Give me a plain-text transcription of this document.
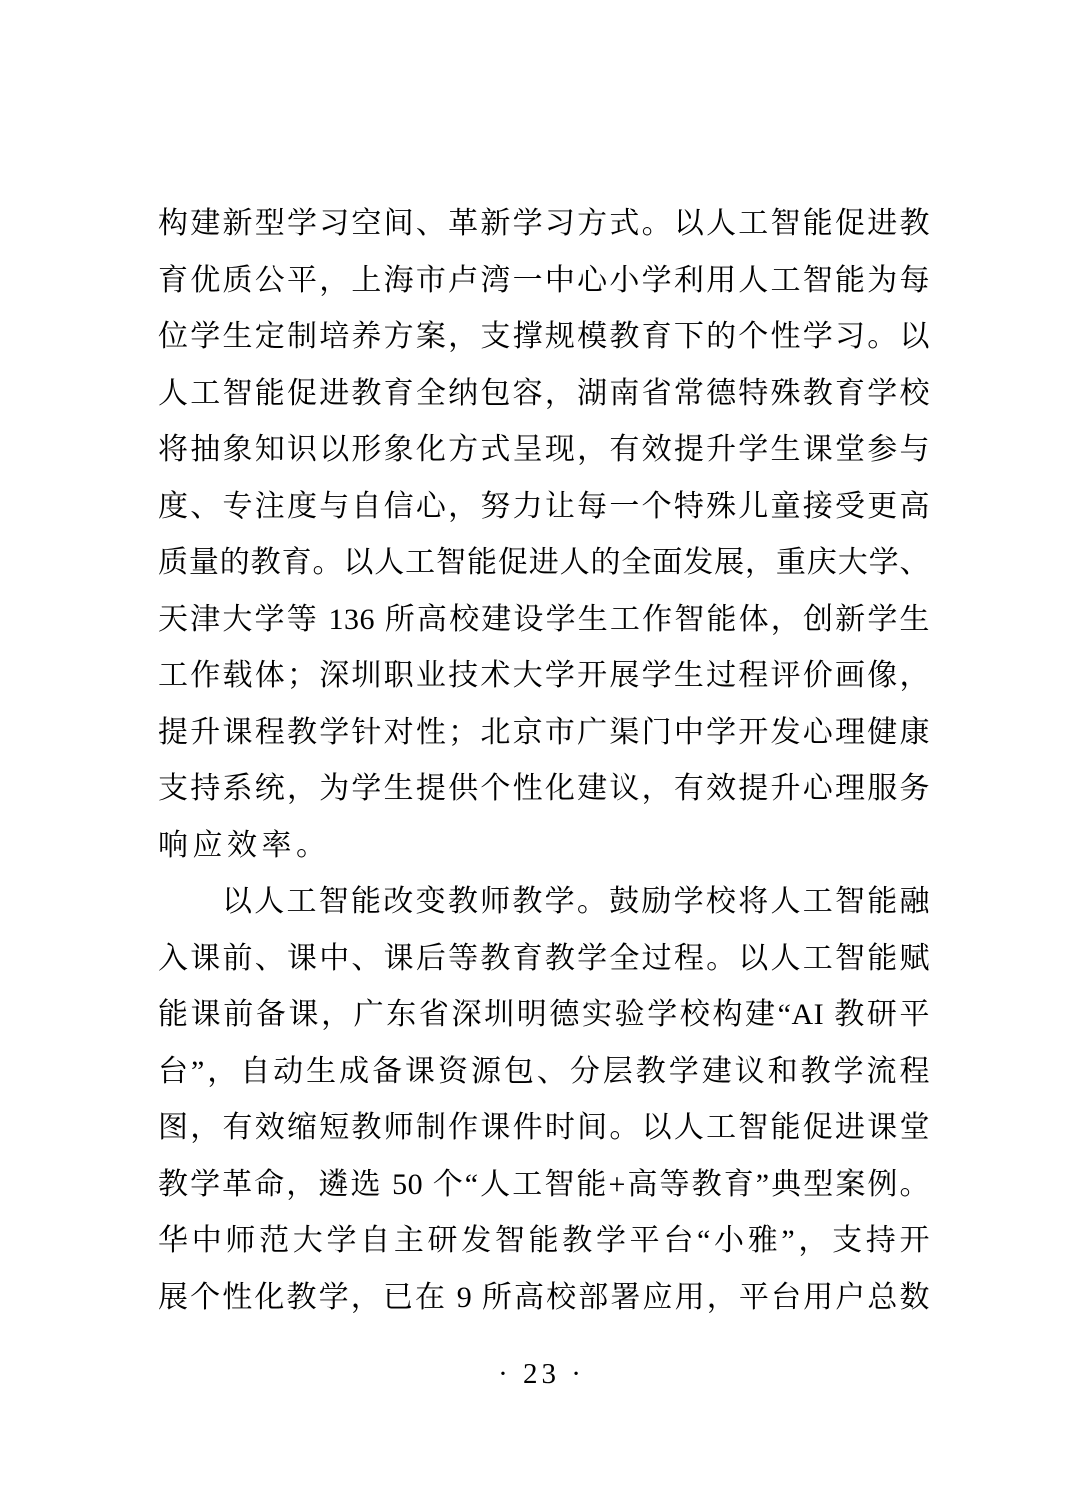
构建新型学习空间、革新学习方式。以人工智能促进教
育优质公平，上海市卢湾一中心小学利用人工智能为每
位学生定制培养方案，支撑规模教育下的个性学习。以
人工智能促进教育全纳包容，湖南省常德特殊教育学校
将抽象知识以形象化方式呈现，有效提升学生课堂参与
度、专注度与自信心，努力让每一个特殊儿童接受更高
质量的教育。以人工智能促进人的全面发展，重庆大学、
天津大学等 136 所高校建设学生工作智能体，创新学生
工作载体；深圳职业技术大学开展学生过程评价画像，
提升课程教学针对性；北京市广渠门中学开发心理健康
支持系统，为学生提供个性化建议，有效提升心理服务
响应效率。
以人工智能改变教师教学。鼓励学校将人工智能融
入课前、课中、课后等教育教学全过程。以人工智能赋
能课前备课，广东省深圳明德实验学校构建“AI 教研平
台”，自动生成备课资源包、分层教学建议和教学流程
图，有效缩短教师制作课件时间。以人工智能促进课堂
教学革命，遴选 50 个“人工智能+高等教育”典型案例。
华中师范大学自主研发智能教学平台“小雅”，支持开
展个性化教学，已在 9 所高校部署应用，平台用户总数
· 23 ·
